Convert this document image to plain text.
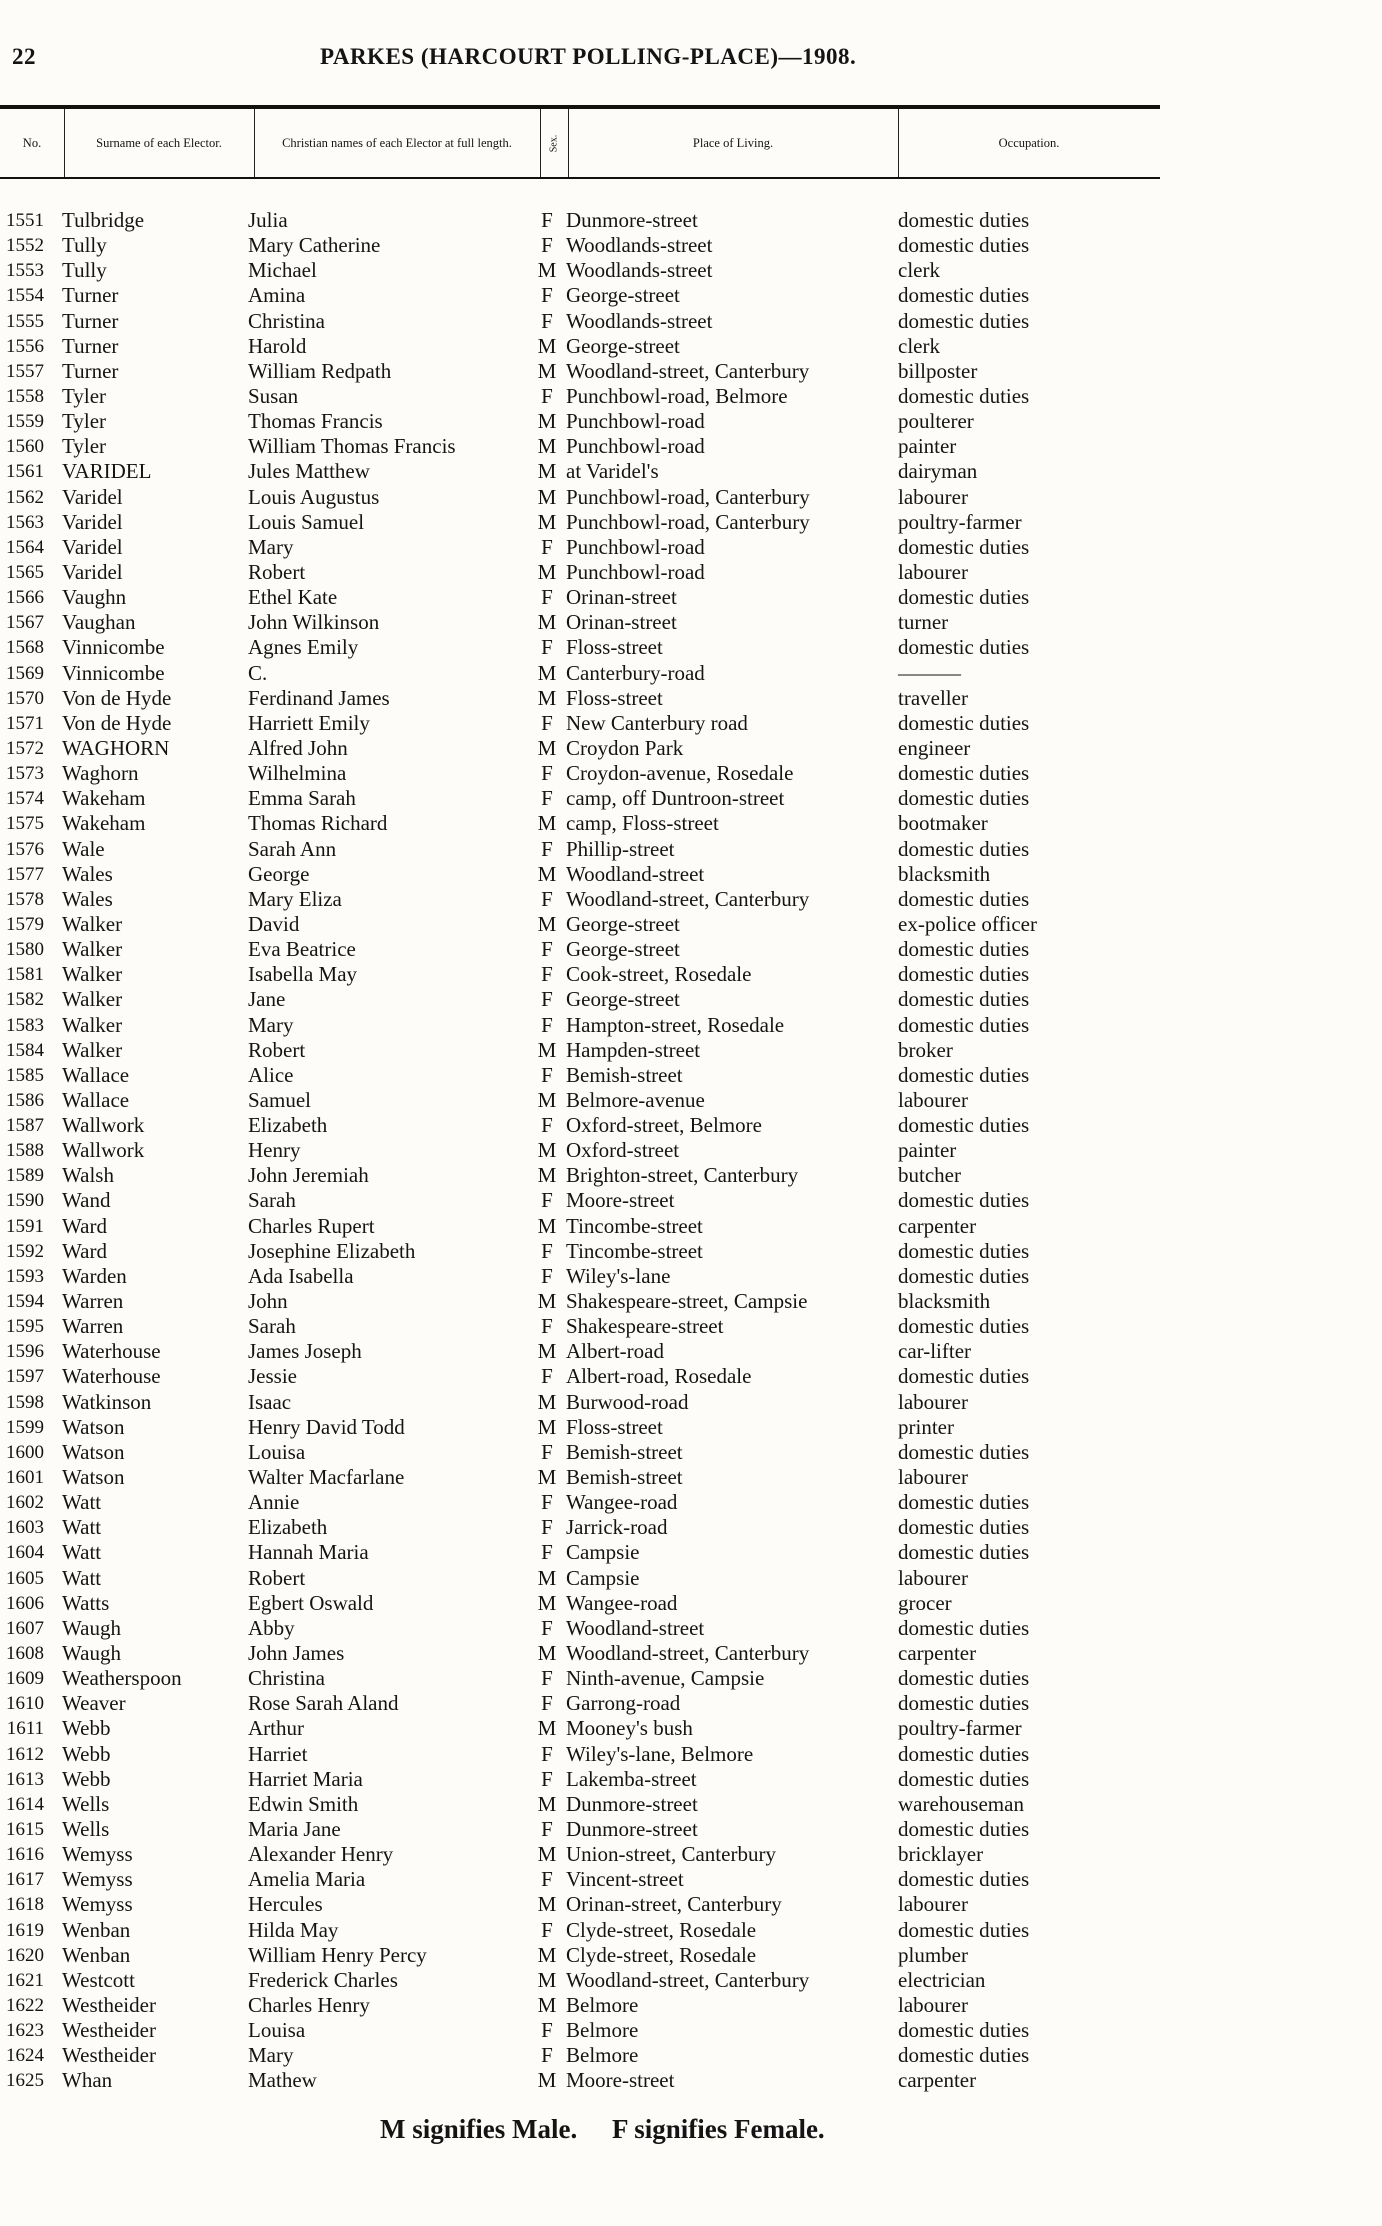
22	PARKES (HARCOURT POLLING-PLACE)—1908.
No.	Surname of each Elector.	Christian names of each Elector at full length.	Sex.	Place of Living.	Occupation.
1551 Tulbridge	Julia	F Dunmore-street	domestic duties
1552 Tully	Mary Catherine	F Woodlands-street	domestic duties
1553 Tully	Michael	M Woodlands-street	clerk
1554 Turner	Amina	F George-street	domestic duties
1555 Turner	Christina	F Woodlands-street	domestic duties
1556 Turner	Harold	M George-street	clerk
1557 Turner	William Redpath	M Woodland-street, Canterbury	billposter
1558 Tyler	Susan	F Punchbowl-road, Belmore	domestic duties
1559 Tyler	Thomas Francis	M Punchbowl-road	poulterer
1560 Tyler	William Thomas Francis	M Punchbowl-road	painter
1561 VARIDEL	Jules Matthew	M at Varidel's	dairyman
1562 Varidel	Louis Augustus	M Punchbowl-road, Canterbury	labourer
1563 Varidel	Louis Samuel	M Punchbowl-road, Canterbury	poultry-farmer
1564 Varidel	Mary	F Punchbowl-road	domestic duties
1565 Varidel	Robert	M Punchbowl-road	labourer
1566 Vaughn	Ethel Kate	F Orinan-street	domestic duties
1567 Vaughan	John Wilkinson	M Orinan-street	turner
1568 Vinnicombe	Agnes Emily	F Floss-street	domestic duties
1569 Vinnicombe	C.	M Canterbury-road	———
1570 Von de Hyde	Ferdinand James	M Floss-street	traveller
1571 Von de Hyde	Harriett Emily	F New Canterbury road	domestic duties
1572 WAGHORN	Alfred John	M Croydon Park	engineer
1573 Waghorn	Wilhelmina	F Croydon-avenue, Rosedale	domestic duties
1574 Wakeham	Emma Sarah	F camp, off Duntroon-street	domestic duties
1575 Wakeham	Thomas Richard	M camp, Floss-street	bootmaker
1576 Wale	Sarah Ann	F Phillip-street	domestic duties
1577 Wales	George	M Woodland-street	blacksmith
1578 Wales	Mary Eliza	F Woodland-street, Canterbury	domestic duties
1579 Walker	David	M George-street	ex-police officer
1580 Walker	Eva Beatrice	F George-street	domestic duties
1581 Walker	Isabella May	F Cook-street, Rosedale	domestic duties
1582 Walker	Jane	F George-street	domestic duties
1583 Walker	Mary	F Hampton-street, Rosedale	domestic duties
1584 Walker	Robert	M Hampden-street	broker
1585 Wallace	Alice	F Bemish-street	domestic duties
1586 Wallace	Samuel	M Belmore-avenue	labourer
1587 Wallwork	Elizabeth	F Oxford-street, Belmore	domestic duties
1588 Wallwork	Henry	M Oxford-street	painter
1589 Walsh	John Jeremiah	M Brighton-street, Canterbury	butcher
1590 Wand	Sarah	F Moore-street	domestic duties
1591 Ward	Charles Rupert	M Tincombe-street	carpenter
1592 Ward	Josephine Elizabeth	F Tincombe-street	domestic duties
1593 Warden	Ada Isabella	F Wiley's-lane	domestic duties
1594 Warren	John	M Shakespeare-street, Campsie	blacksmith
1595 Warren	Sarah	F Shakespeare-street	domestic duties
1596 Waterhouse	James Joseph	M Albert-road	car-lifter
1597 Waterhouse	Jessie	F Albert-road, Rosedale	domestic duties
1598 Watkinson	Isaac	M Burwood-road	labourer
1599 Watson	Henry David Todd	M Floss-street	printer
1600 Watson	Louisa	F Bemish-street	domestic duties
1601 Watson	Walter Macfarlane	M Bemish-street	labourer
1602 Watt	Annie	F Wangee-road	domestic duties
1603 Watt	Elizabeth	F Jarrick-road	domestic duties
1604 Watt	Hannah Maria	F Campsie	domestic duties
1605 Watt	Robert	M Campsie	labourer
1606 Watts	Egbert Oswald	M Wangee-road	grocer
1607 Waugh	Abby	F Woodland-street	domestic duties
1608 Waugh	John James	M Woodland-street, Canterbury	carpenter
1609 Weatherspoon	Christina	F Ninth-avenue, Campsie	domestic duties
1610 Weaver	Rose Sarah Aland	F Garrong-road	domestic duties
1611 Webb	Arthur	M Mooney's bush	poultry-farmer
1612 Webb	Harriet	F Wiley's-lane, Belmore	domestic duties
1613 Webb	Harriet Maria	F Lakemba-street	domestic duties
1614 Wells	Edwin Smith	M Dunmore-street	warehouseman
1615 Wells	Maria Jane	F Dunmore-street	domestic duties
1616 Wemyss	Alexander Henry	M Union-street, Canterbury	bricklayer
1617 Wemyss	Amelia Maria	F Vincent-street	domestic duties
1618 Wemyss	Hercules	M Orinan-street, Canterbury	labourer
1619 Wenban	Hilda May	F Clyde-street, Rosedale	domestic duties
1620 Wenban	William Henry Percy	M Clyde-street, Rosedale	plumber
1621 Westcott	Frederick Charles	M Woodland-street, Canterbury	electrician
1622 Westheider	Charles Henry	M Belmore	labourer
1623 Westheider	Louisa	F Belmore	domestic duties
1624 Westheider	Mary	F Belmore	domestic duties
1625 Whan	Mathew	M Moore-street	carpenter
M signifies Male. F signifies Female.
